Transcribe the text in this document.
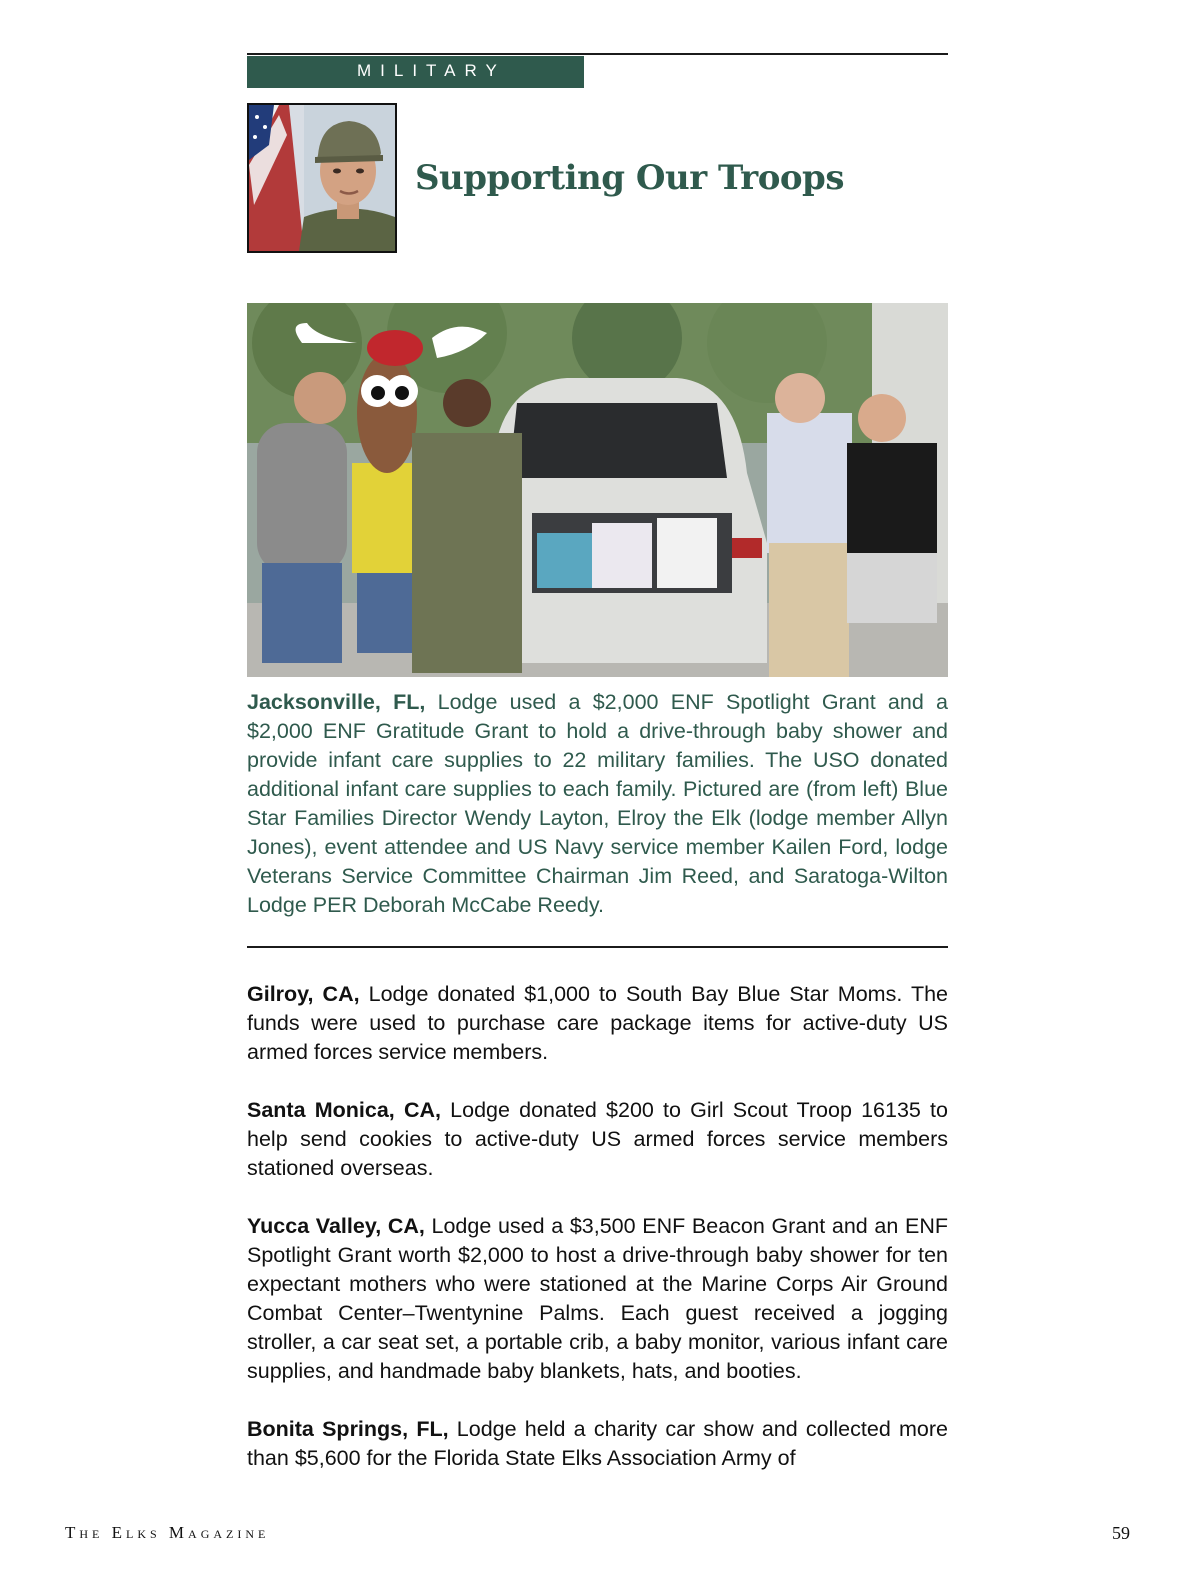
MILITARY
Supporting Our Troops
Jacksonville, FL, Lodge used a $2,000 ENF Spotlight Grant and a $2,000 ENF Gratitude Grant to hold a drive-through baby shower and provide infant care supplies to 22 military families. The USO donated additional infant care supplies to each family. Pictured are (from left) Blue Star Families Director Wendy Layton, Elroy the Elk (lodge member Allyn Jones), event attendee and US Navy service member Kailen Ford, lodge Veterans Service Committee Chairman Jim Reed, and Saratoga-Wilton Lodge PER Deborah McCabe Reedy.

Gilroy, CA, Lodge donated $1,000 to South Bay Blue Star Moms. The funds were used to purchase care package items for active-duty US armed forces service members.

Santa Monica, CA, Lodge donated $200 to Girl Scout Troop 16135 to help send cookies to active-duty US armed forces service members stationed overseas.

Yucca Valley, CA, Lodge used a $3,500 ENF Beacon Grant and an ENF Spotlight Grant worth $2,000 to host a drive-through baby shower for ten expectant mothers who were stationed at the Marine Corps Air Ground Combat Center–Twentynine Palms. Each guest received a jogging stroller, a car seat set, a portable crib, a baby monitor, various infant care supplies, and handmade baby blankets, hats, and booties.

Bonita Springs, FL, Lodge held a charity car show and collected more than $5,600 for the Florida State Elks Association Army of

The Elks Magazine	59
